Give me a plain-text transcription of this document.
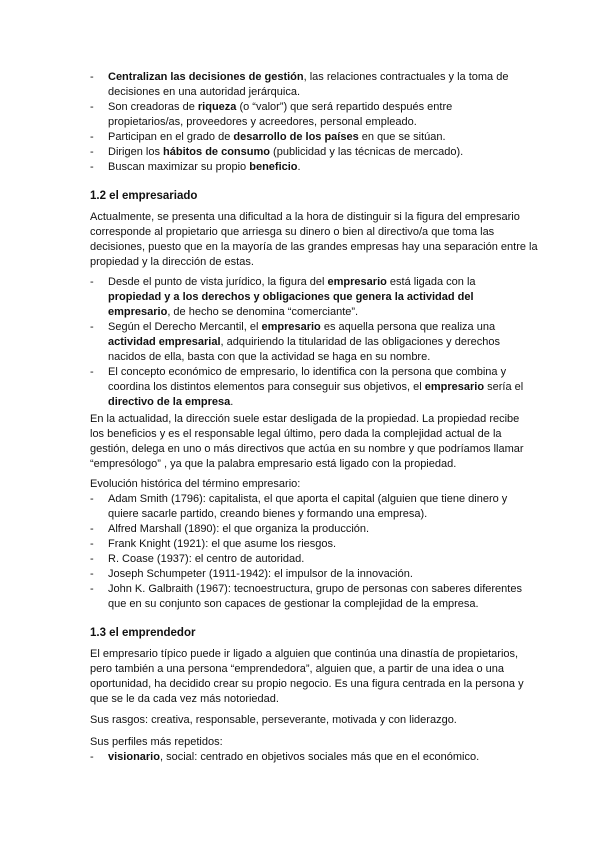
- Centralizan las decisiones de gestión, las relaciones contractuales y la toma de
decisiones en una autoridad jerárquica.
- Son creadoras de riqueza (o “valor”) que será repartido después entre
propietarios/as, proveedores y acreedores, personal empleado.
- Participan en el grado de desarrollo de los países en que se sitúan.
- Dirigen los hábitos de consumo (publicidad y las técnicas de mercado).
- Buscan maximizar su propio beneficio.
1.2 el empresariado
Actualmente, se presenta una dificultad a la hora de distinguir si la figura del empresario
corresponde al propietario que arriesga su dinero o bien al directivo/a que toma las
decisiones, puesto que en la mayoría de las grandes empresas hay una separación entre la
propiedad y la dirección de estas.
- Desde el punto de vista jurídico, la figura del empresario está ligada con la
propiedad y a los derechos y obligaciones que genera la actividad del
empresario, de hecho se denomina “comerciante”.
- Según el Derecho Mercantil, el empresario es aquella persona que realiza una
actividad empresarial, adquiriendo la titularidad de las obligaciones y derechos
nacidos de ella, basta con que la actividad se haga en su nombre.
- El concepto económico de empresario, lo identifica con la persona que combina y
coordina los distintos elementos para conseguir sus objetivos, el empresario sería el
directivo de la empresa.
En la actualidad, la dirección suele estar desligada de la propiedad. La propiedad recibe
los beneficios y es el responsable legal último, pero dada la complejidad actual de la
gestión, delega en uno o más directivos que actúa en su nombre y que podríamos llamar
“empresólogo” , ya que la palabra empresario está ligado con la propiedad.
Evolución histórica del término empresario:
- Adam Smith (1796): capitalista, el que aporta el capital (alguien que tiene dinero y
quiere sacarle partido, creando bienes y formando una empresa).
- Alfred Marshall (1890): el que organiza la producción.
- Frank Knight (1921): el que asume los riesgos.
- R. Coase (1937): el centro de autoridad.
- Joseph Schumpeter (1911-1942): el impulsor de la innovación.
- John K. Galbraith (1967): tecnoestructura, grupo de personas con saberes diferentes
que en su conjunto son capaces de gestionar la complejidad de la empresa.
1.3 el emprendedor
El empresario típico puede ir ligado a alguien que continúa una dinastía de propietarios,
pero también a una persona “emprendedora”, alguien que, a partir de una idea o una
oportunidad, ha decidido crear su propio negocio. Es una figura centrada en la persona y
que se le da cada vez más notoriedad.
Sus rasgos: creativa, responsable, perseverante, motivada y con liderazgo.
Sus perfiles más repetidos:
- visionario, social: centrado en objetivos sociales más que en el económico.
